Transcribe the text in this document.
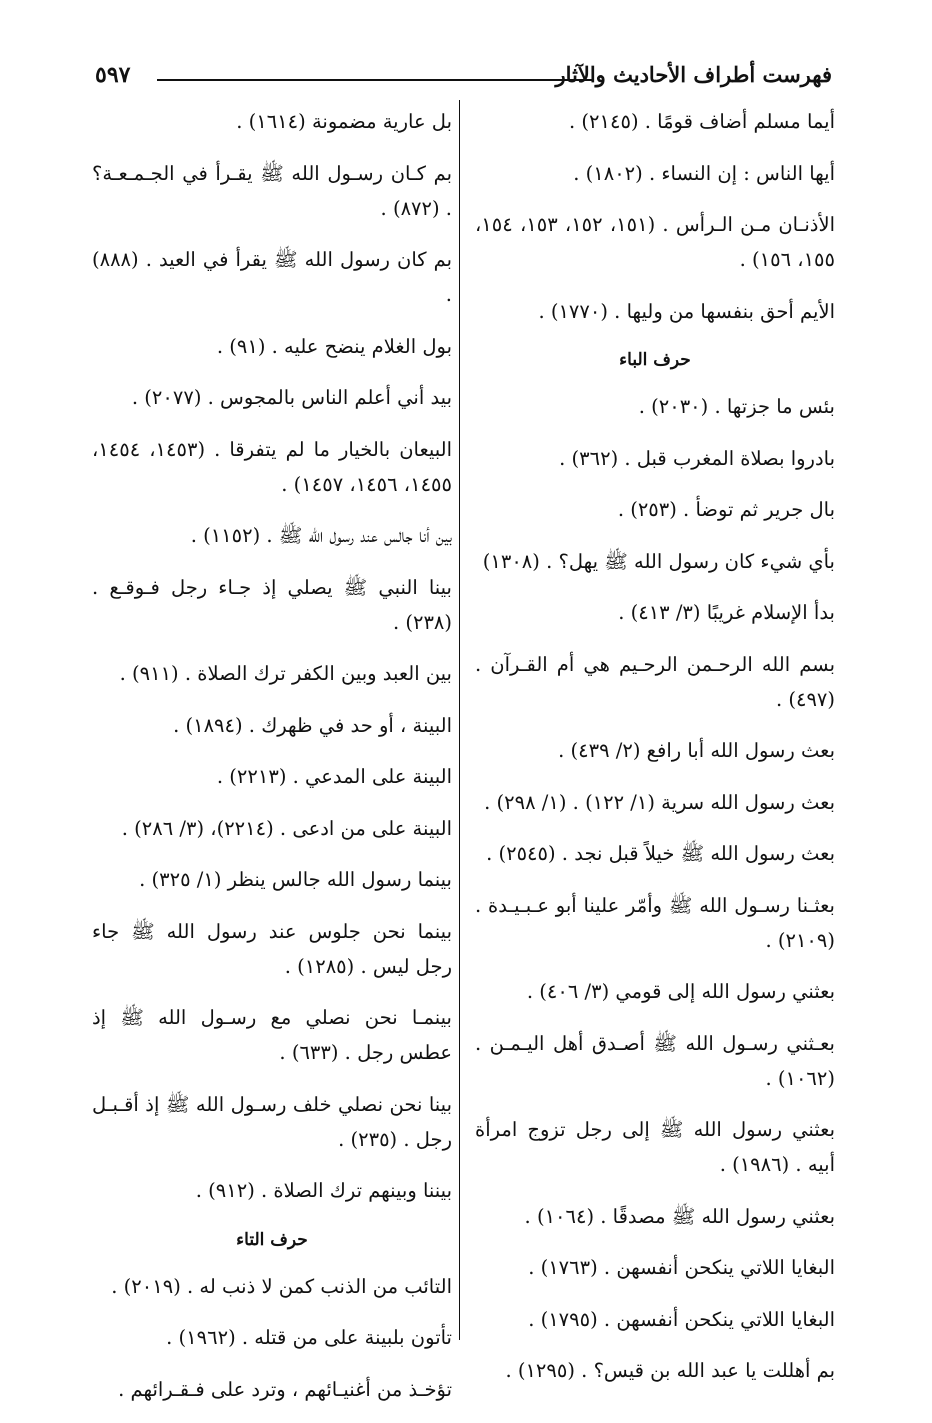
فهرست أطراف الأحاديث والآثار
٥٩٧

أيما مسلم أضاف قومًا . (٢١٤٥) .

أيها الناس : إن النساء . (١٨٠٢) .

الأذنـان مـن الـرأس . (١٥١، ١٥٢، ١٥٣، ١٥٤، ١٥٥، ١٥٦) .

الأيم أحق بنفسها من وليها . (١٧٧٠) .

حرف الباء

بئس ما جزتها . (٢٠٣٠) .

بادروا بصلاة المغرب قبل . (٣٦٢) .

بال جرير ثم توضأ . (٢٥٣) .

بأي شيء كان رسول الله ﷺ يهل؟ . (١٣٠٨)

بدأ الإسلام غريبًا (٣/ ٤١٣) .

بسم الله الرحـمن الرحـيم هي أم القـرآن . (٤٩٧) .

بعث رسول الله أبا رافع (٢/ ٤٣٩) .

بعث رسول الله سرية (١/ ١٢٢) . (١/ ٢٩٨) .

بعث رسول الله ﷺ خيلاً قبل نجد . (٢٥٤٥) .

بعثـنا رسـول الله ﷺ وأمّر علينا أبو عـبـيـدة . (٢١٠٩) .

بعثني رسول الله إلى قومي (٣/ ٤٠٦) .

بعـثني رسـول الله ﷺ أصـدق أهل اليـمـن . (١٠٦٢) .

بعثني رسول الله ﷺ إلى رجل تزوج امرأة أبيه . (١٩٨٦) .

بعثني رسول الله ﷺ مصدقًا . (١٠٦٤) .

البغايا اللاتي ينكحن أنفسهن . (١٧٦٣) .

البغايا اللاتي ينكحن أنفسهن . (١٧٩٥) .

بم أهللت يا عبد الله بن قيس؟ . (١٢٩٥) .

بل عارية مضمونة (١٦١٤) .

بم كـان رسـول الله ﷺ يقـرأ في الجـمـعـة؟ . (٨٧٢) .

بم كان رسول الله ﷺ يقرأ في العيد . (٨٨٨) .

بول الغلام ينضح عليه . (٩١) .

بيد أني أعلم الناس بالمجوس . (٢٠٧٧) .

البيعان بالخيار ما لم يتفرقا . (١٤٥٣، ١٤٥٤، ١٤٥٥، ١٤٥٦، ١٤٥٧) .

بين أنا جالس عند رسول الله ﷺ . (١١٥٢) .

بينا النبي ﷺ يصلي إذ جـاء رجل فـوقـع . (٢٣٨) .

بين العبد وبين الكفر ترك الصلاة . (٩١١) .

البينة ، أو حد في ظهرك . (١٨٩٤) .

البينة على المدعي . (٢٢١٣) .

البينة على من ادعى . (٢٢١٤)، (٣/ ٢٨٦) .

بينما رسول الله جالس ينظر (١/ ٣٢٥) .

بينما نحن جلوس عند رسول الله ﷺ جاء رجل ليس . (١٢٨٥) .

بينمـا نحن نصلي مع رسـول الله ﷺ إذ عطس رجل . (٦٣٣) .

بينا نحن نصلي خلف رسـول الله ﷺ إذ أقـبـل رجل . (٢٣٥) .

بيننا وبينهم ترك الصلاة . (٩١٢) .

حرف التاء

التائب من الذنب كمن لا ذنب له . (٢٠١٩) .

تأتون بلبينة على من قتله . (١٩٦٢) .

تؤخـذ من أغنيـائهم ، وترد على فـقـرائهم .
